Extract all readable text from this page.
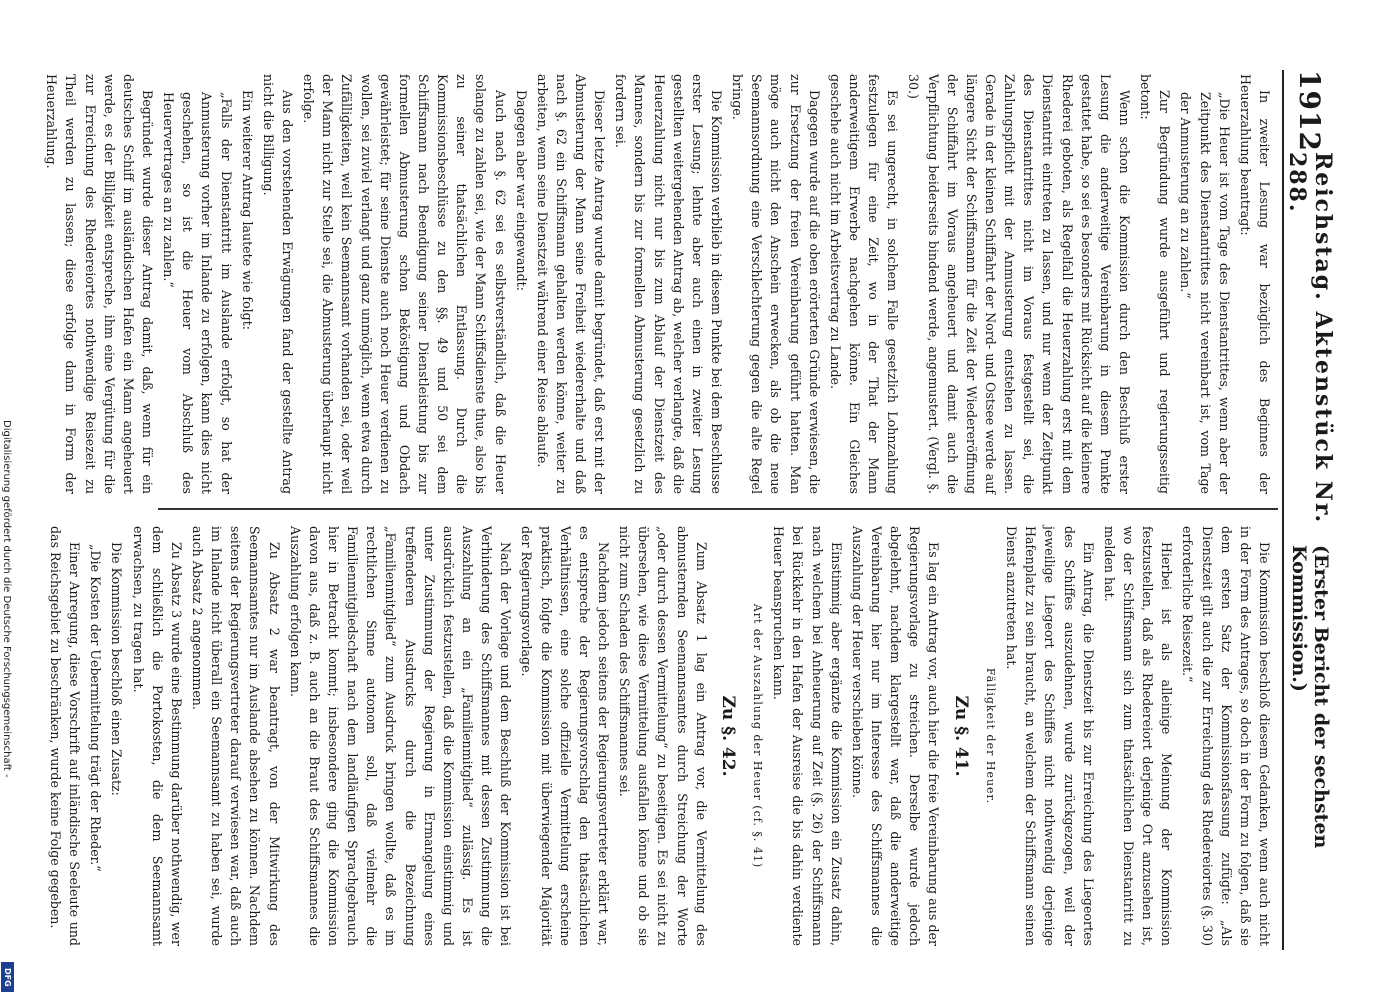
Digitalisierung gefördert durch die Deutsche Forschungsgemeinschaft -
DFG
1912
Reichstag. Aktenstück Nr. 288.
(Erster Bericht der sechsten Kommission.)

In zweiter Lesung war bezüglich des Beginnes der Heuerzahlung beantragt:

„Die Heuer ist vom Tage des Dienstantrittes, wenn aber der Zeitpunkt des Dienstantrittes nicht vereinbart ist, vom Tage der Anmusterung an zu zahlen.“

Zur Begründung wurde ausgeführt und regierungsseitig betont:

Wenn schon die Kommission durch den Beschluß erster Lesung die anderweitige Vereinbarung in diesem Punkte gestattet habe, so sei es besonders mit Rücksicht auf die kleinere Rhederei geboten, als Regelfall die Heuerzahlung erst mit dem Dienstantritt eintreten zu lassen, und nur wenn der Zeitpunkt des Dienstantrittes nicht im Voraus festgestellt sei, die Zahlungspflicht mit der Anmusterung entstehen zu lassen. Gerade in der kleinen Schiffahrt der Nord- und Ostsee werde auf längere Sicht der Schiffsmann für die Zeit der Wiedereröffnung der Schiffahrt im Voraus angeheuert und damit auch die Verpflichtung beiderseits bindend werde, angemustert. (Vergl. §. 30.)

Es sei ungerecht, in solchem Falle gesetzlich Lohnzahlung festzulegen für eine Zeit, wo in der That der Mann anderweitigem Erwerbe nachgehen könne. Ein Gleiches geschehe auch nicht im Arbeitsvertrag zu Lande.

Dagegen wurde auf die oben erörterten Gründe verwiesen, die zur Ersetzung der freien Vereinbarung geführt hatten. Man möge auch nicht den Anschein erwecken, als ob die neue Seemannsordnung eine Verschlechterung gegen die alte Regel bringe.

Die Kommission verblieb in diesem Punkte bei dem Beschlusse erster Lesung; lehnte aber auch einen in zweiter Lesung gestellten weitergehenden Antrag ab, welcher verlangte, daß die Heuerzahlung nicht nur bis zum Ablauf der Dienstzeit des Mannes, sondern bis zur formellen Abmusterung gesetzlich zu fordern sei.

Dieser letzte Antrag wurde damit begründet, daß erst mit der Abmusterung der Mann seine Freiheit wiedererhalte und daß nach §. 62 ein Schiffsmann gehalten werden könne, weiter zu arbeiten, wenn seine Dienstzeit während einer Reise ablaufe.

Dagegen aber war eingewandt:

Auch nach §. 62 sei es selbstverständlich, daß die Heuer solange zu zahlen sei, wie der Mann Schiffsdienste thue, also bis zu seiner thatsächlichen Entlassung. Durch die Kommissionsbeschlüsse zu den §§. 49 und 50 sei dem Schiffsmann nach Beendigung seiner Dienstleistung bis zur formellen Abmusterung schon Beköstigung und Obdach gewährleistet; für seine Dienste auch noch Heuer verdienen zu wollen, sei zuviel verlangt und ganz unmöglich, wenn etwa durch Zufälligkeiten, weil kein Seemannsamt vorhanden sei, oder weil der Mann nicht zur Stelle sei, die Abmusterung überhaupt nicht erfolge.

Aus den vorstehenden Erwägungen fand der gestellte Antrag nicht die Billigung.

Ein weiterer Antrag lautete wie folgt:

„Falls der Dienstantritt im Auslande erfolgt, so hat der Anmusterung vorher im Inlande zu erfolgen, kann dies nicht geschehen, so ist die Heuer vom Abschluß des Heuervertrages an zu zahlen.“

Begründet wurde dieser Antrag damit, daß, wenn für ein deutsches Schiff im ausländischen Hafen ein Mann angeheuert werde, es der Billigkeit entspreche, ihm eine Vergütung für die zur Erreichung des Rhedereiortes nothwendige Reisezeit zu Theil werden zu lassen; diese erfolge dann in Form der Heuerzahlung.

Die Kommission beschloß diesem Gedanken, wenn auch nicht in der Form des Antrages, so doch in der Form zu folgen, daß sie dem ersten Satz der Kommissionsfassung zufügte: „Als Dienstzeit gilt auch die zur Erreichung des Rhedereiortes (§. 30) erforderliche Reisezeit.“

Hierbei ist als alleinige Meinung der Kommission festzustellen, daß als Rhedereiort derjenige Ort anzusehen ist, wo der Schiffsmann sich zum thatsächlichen Dienstantritt zu melden hat.

Ein Antrag, die Dienstzeit bis zur Erreichung des Liegeortes des Schiffes auszudehnen, wurde zurückgezogen, weil der jeweilige Liegeort des Schiffes nicht nothwendig derjenige Hafenplatz zu sein braucht, an welchem der Schiffsmann seinen Dienst anzutreten hat.

Fälligkeit der Heuer.
Zu §. 41.

Es lag ein Antrag vor, auch hier die freie Vereinbarung aus der Regierungsvorlage zu streichen. Derselbe wurde jedoch abgelehnt, nachdem klargestellt war, daß die anderweitige Vereinbarung hier nur im Interesse des Schiffsmannes die Auszahlung der Heuer verschieben könne.

Einstimmig aber ergänzte die Kommission ein Zusatz dahin, nach welchem bei Anheuerung auf Zeit (§. 26) der Schiffsmann bei Rückkehr in den Hafen der Ausreise die bis dahin verdiente Heuer beanspruchen kann.

Art der Auszahlung der Heuer (cf. §. 41)
Zu §. 42.

Zum Absatz 1 lag ein Antrag vor, die Vermittelung des abmusternden Seemannsamtes durch Streichung der Worte „oder durch dessen Vermittelung“ zu beseitigen. Es sei nicht zu übersehen, wie diese Vermittelung ausfallen könne und ob sie nicht zum Schaden des Schiffsmannes sei.

Nachdem jedoch seitens der Regierungsvertreter erklärt war, es entspreche der Regierungsvorschlag den thatsächlichen Verhältnissen, eine solche offizielle Vermittelung erscheine praktisch, folgte die Kommission mit überwiegender Majorität der Regierungsvorlage.

Nach der Vorlage und dem Beschluß der Kommission ist bei Verhinderung des Schiffsmannes mit dessen Zustimmung die Auszahlung an ein „Familienmitglied“ zulässig. Es ist ausdrücklich festzustellen, daß die Kommission einstimmig und unter Zustimmung der Regierung in Ermangelung eines treffenderen Ausdrucks durch die Bezeichnung „Familienmitglied“ zum Ausdruck bringen wollte, daß es im rechtlichen Sinne autonom soll, daß vielmehr die Familienmitgliedschaft nach dem landläufigen Sprachgebrauch hier in Betracht kommt; insbesondere ging die Kommission davon aus, daß z. B. auch an die Braut des Schiffsmannes die Auszahlung erfolgen kann.

Zu Absatz 2 war beantragt, von der Mitwirkung des Seemannsamtes nur im Auslande absehen zu können. Nachdem seitens der Regierungsvertreter darauf verwiesen war, daß auch im Inlande nicht überall ein Seemannsamt zu haben sei, wurde auch Absatz 2 angenommen.

Zu Absatz 3 wurde eine Bestimmung darüber nothwendig, wer dem schließlich die Portokosten, die dem Seemannsamt erwachsen, zu tragen hat.

Die Kommission beschloß einen Zusatz:

„Die Kosten der Uebermittelung trägt der Rheder.“

Einer Anregung, diese Vorschrift auf inländische Seeleute und das Reichsgebiet zu beschränken, wurde keine Folge gegeben.
